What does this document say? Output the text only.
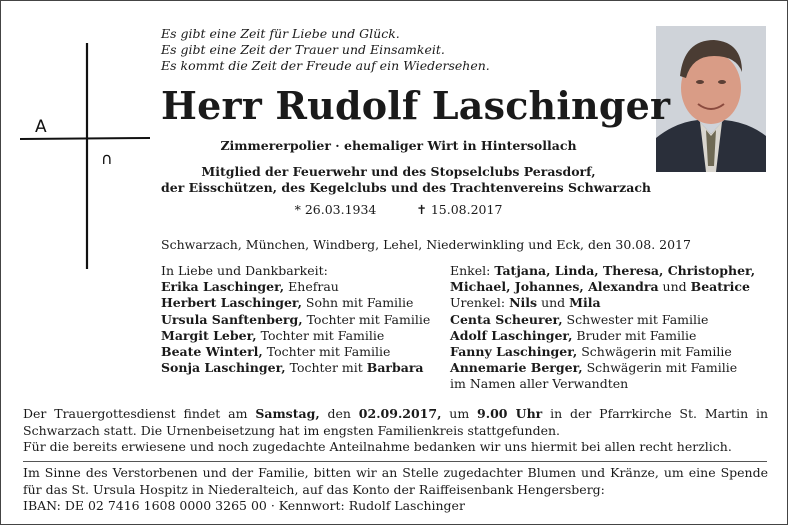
A
∩
Es gibt eine Zeit für Liebe und Glück.
Es gibt eine Zeit der Trauer und Einsamkeit.
Es kommt die Zeit der Freude auf ein Wiedersehen.
Herr Rudolf Laschinger
Zimmererpolier · ehemaliger Wirt in Hintersollach
Mitglied der Feuerwehr und des Stopselclubs Perasdorf,
der Eisschützen, des Kegelclubs und des Trachtenvereins Schwarzach
* 26.03.1934	✝ 15.08.2017
Schwarzach, München, Windberg, Lehel, Niederwinkling und Eck, den 30.08. 2017
In Liebe und Dankbarkeit:
Erika Laschinger, Ehefrau
Herbert Laschinger, Sohn mit Familie
Ursula Sanftenberg, Tochter mit Familie
Margit Leber, Tochter mit Familie
Beate Winterl, Tochter mit Familie
Sonja Laschinger, Tochter mit Barbara
Enkel: Tatjana, Linda, Theresa, Christopher,
Michael, Johannes, Alexandra und Beatrice
Urenkel: Nils und Mila
Centa Scheurer, Schwester mit Familie
Adolf Laschinger, Bruder mit Familie
Fanny Laschinger, Schwägerin mit Familie
Annemarie Berger, Schwägerin mit Familie
im Namen aller Verwandten
Der Trauergottesdienst findet am Samstag, den 02.09.2017, um 9.00 Uhr in der Pfarrkirche St. Martin in
Schwarzach statt. Die Urnenbeisetzung hat im engsten Familienkreis stattgefunden.
Für die bereits erwiesene und noch zugedachte Anteilnahme bedanken wir uns hiermit bei allen recht herzlich.
Im Sinne des Verstorbenen und der Familie, bitten wir an Stelle zugedachter Blumen und Kränze, um eine Spende
für das St. Ursula Hospitz in Niederalteich, auf das Konto der Raiffeisenbank Hengersberg:
IBAN: DE 02 7416 1608 0000 3265 00 · Kennwort: Rudolf Laschinger
